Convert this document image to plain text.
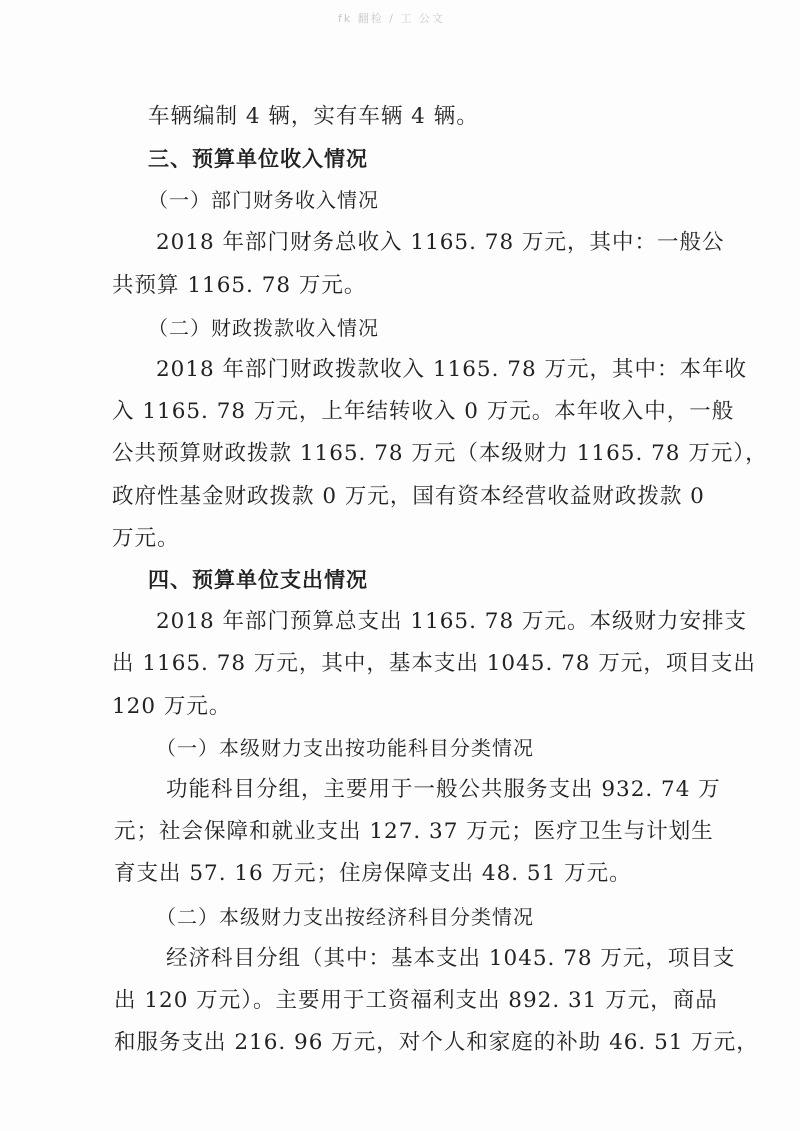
fk 翻检 / 工 公文
车辆编制 4 辆，实有车辆 4 辆。
三、预算单位收入情况
（一）部门财务收入情况
2018 年部门财务总收入 1165. 78 万元，其中：一般公
共预算 1165. 78 万元。
（二）财政拨款收入情况
2018 年部门财政拨款收入 1165. 78 万元，其中：本年收
入 1165. 78 万元，上年结转收入 0 万元。本年收入中，一般
公共预算财政拨款 1165. 78 万元（本级财力 1165. 78 万元），
政府性基金财政拨款 0 万元，国有资本经营收益财政拨款 0
万元。
四、预算单位支出情况
2018 年部门预算总支出 1165. 78 万元。本级财力安排支
出 1165. 78 万元，其中，基本支出 1045. 78 万元，项目支出
120 万元。
（一）本级财力支出按功能科目分类情况
功能科目分组，主要用于一般公共服务支出 932. 74 万
元；社会保障和就业支出 127. 37 万元；医疗卫生与计划生
育支出 57. 16 万元；住房保障支出 48. 51 万元。
（二）本级财力支出按经济科目分类情况
经济科目分组（其中：基本支出 1045. 78 万元，项目支
出 120 万元）。主要用于工资福利支出 892. 31 万元，商品
和服务支出 216. 96 万元，对个人和家庭的补助 46. 51 万元，
